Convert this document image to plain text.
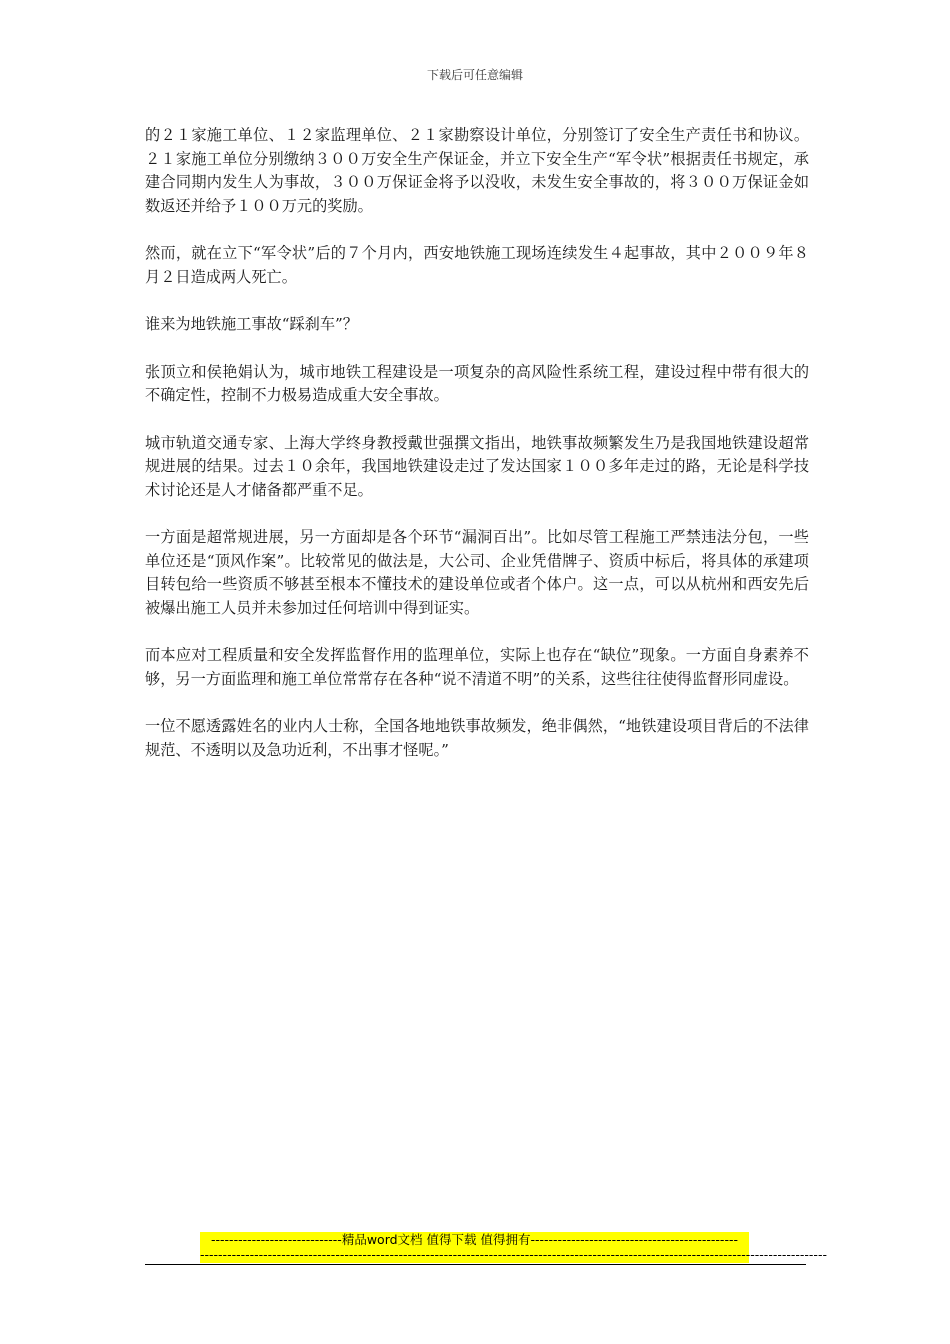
下载后可任意编辑

的２１家施工单位、１２家监理单位、２１家勘察设计单位，分别签订了安全生产责任书和协议。２１家施工单位分别缴纳３００万安全生产保证金，并立下安全生产“军令状”根据责任书规定，承建合同期内发生人为事故，３００万保证金将予以没收，未发生安全事故的，将３００万保证金如数返还并给予１００万元的奖励。

然而，就在立下“军令状”后的７个月内，西安地铁施工现场连续发生４起事故，其中２００９年８月２日造成两人死亡。

谁来为地铁施工事故“踩刹车”？

张顶立和侯艳娟认为，城市地铁工程建设是一项复杂的高风险性系统工程，建设过程中带有很大的不确定性，控制不力极易造成重大安全事故。

城市轨道交通专家、上海大学终身教授戴世强撰文指出，地铁事故频繁发生乃是我国地铁建设超常规进展的结果。过去１０余年，我国地铁建设走过了发达国家１００多年走过的路，无论是科学技术讨论还是人才储备都严重不足。

一方面是超常规进展，另一方面却是各个环节“漏洞百出”。比如尽管工程施工严禁违法分包，一些单位还是“顶风作案”。比较常见的做法是，大公司、企业凭借牌子、资质中标后，将具体的承建项目转包给一些资质不够甚至根本不懂技术的建设单位或者个体户。这一点，可以从杭州和西安先后被爆出施工人员并未参加过任何培训中得到证实。

而本应对工程质量和安全发挥监督作用的监理单位，实际上也存在“缺位”现象。一方面自身素养不够，另一方面监理和施工单位常常存在各种“说不清道不明”的关系，这些往往使得监督形同虚设。

一位不愿透露姓名的业内人士称，全国各地地铁事故频发，绝非偶然，“地铁建设项目背后的不法律规范、不透明以及急功近利，不出事才怪呢。”

-----------------------------精品word文档 值得下载 值得拥有----------------------------------------------
-------------------------------------------------------------------------------------------------------------------------------------------
